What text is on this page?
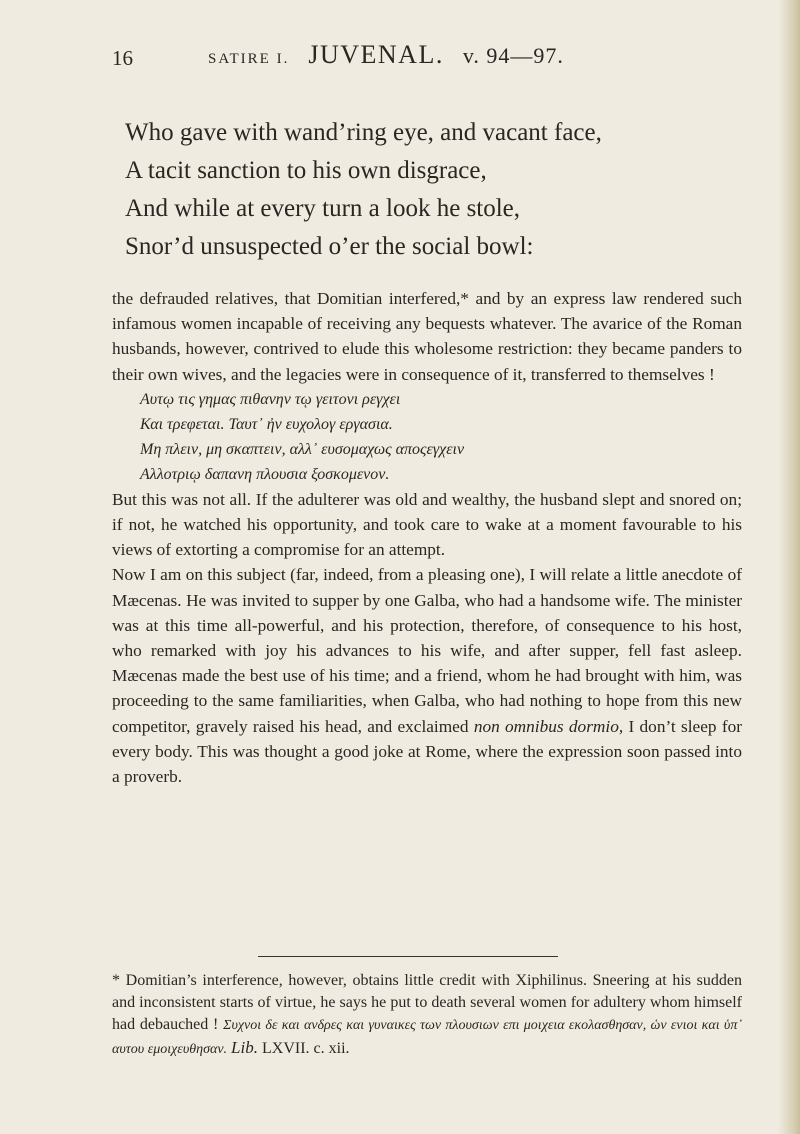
16	SATIRE I. JUVENAL. v. 94—97.
Who gave with wand’ring eye, and vacant face,
A tacit sanction to his own disgrace,
And while at every turn a look he stole,
Snor’d unsuspected o’er the social bowl:

the defrauded relatives, that Domitian interfered,* and by an express law rendered such infamous women incapable of receiving any bequests whatever. The avarice of the Roman husbands, however, contrived to elude this wholesome restriction: they became panders to their own wives, and the legacies were in consequence of it, transferred to themselves !

Αυτῳ τις γημας πιθανην τῳ γειτονι ρεγχει
Και τρεφεται. Ταυτ᾽ ἠν ευχολογ εργασια.
Μη πλειν, μη σκαπτειν, αλλ᾽ ευσομαχως αποςεγχειν
Αλλοτριῳ δαπανη πλουσια ξοσκομενον.

But this was not all. If the adulterer was old and wealthy, the husband slept and snored on; if not, he watched his opportunity, and took care to wake at a moment favourable to his views of extorting a compromise for an attempt.

Now I am on this subject (far, indeed, from a pleasing one), I will relate a little anecdote of Mæcenas. He was invited to supper by one Galba, who had a handsome wife. The minister was at this time all-powerful, and his protection, therefore, of consequence to his host, who remarked with joy his advances to his wife, and after supper, fell fast asleep. Mæcenas made the best use of his time; and a friend, whom he had brought with him, was proceeding to the same familiarities, when Galba, who had nothing to hope from this new competitor, gravely raised his head, and exclaimed non omnibus dormio, I don’t sleep for every body. This was thought a good joke at Rome, where the expression soon passed into a proverb.

* Domitian’s interference, however, obtains little credit with Xiphilinus. Sneering at his sudden and inconsistent starts of virtue, he says he put to death several women for adultery whom himself had debauched ! Συχνοι δε και ανδρες και γυναικες των πλουσιων επι μοιχεια εκολασθησαν, ὡν ενιοι και ὑπ᾽ αυτου εμοιχευθησαν. Lib. LXVII. c. xii.
